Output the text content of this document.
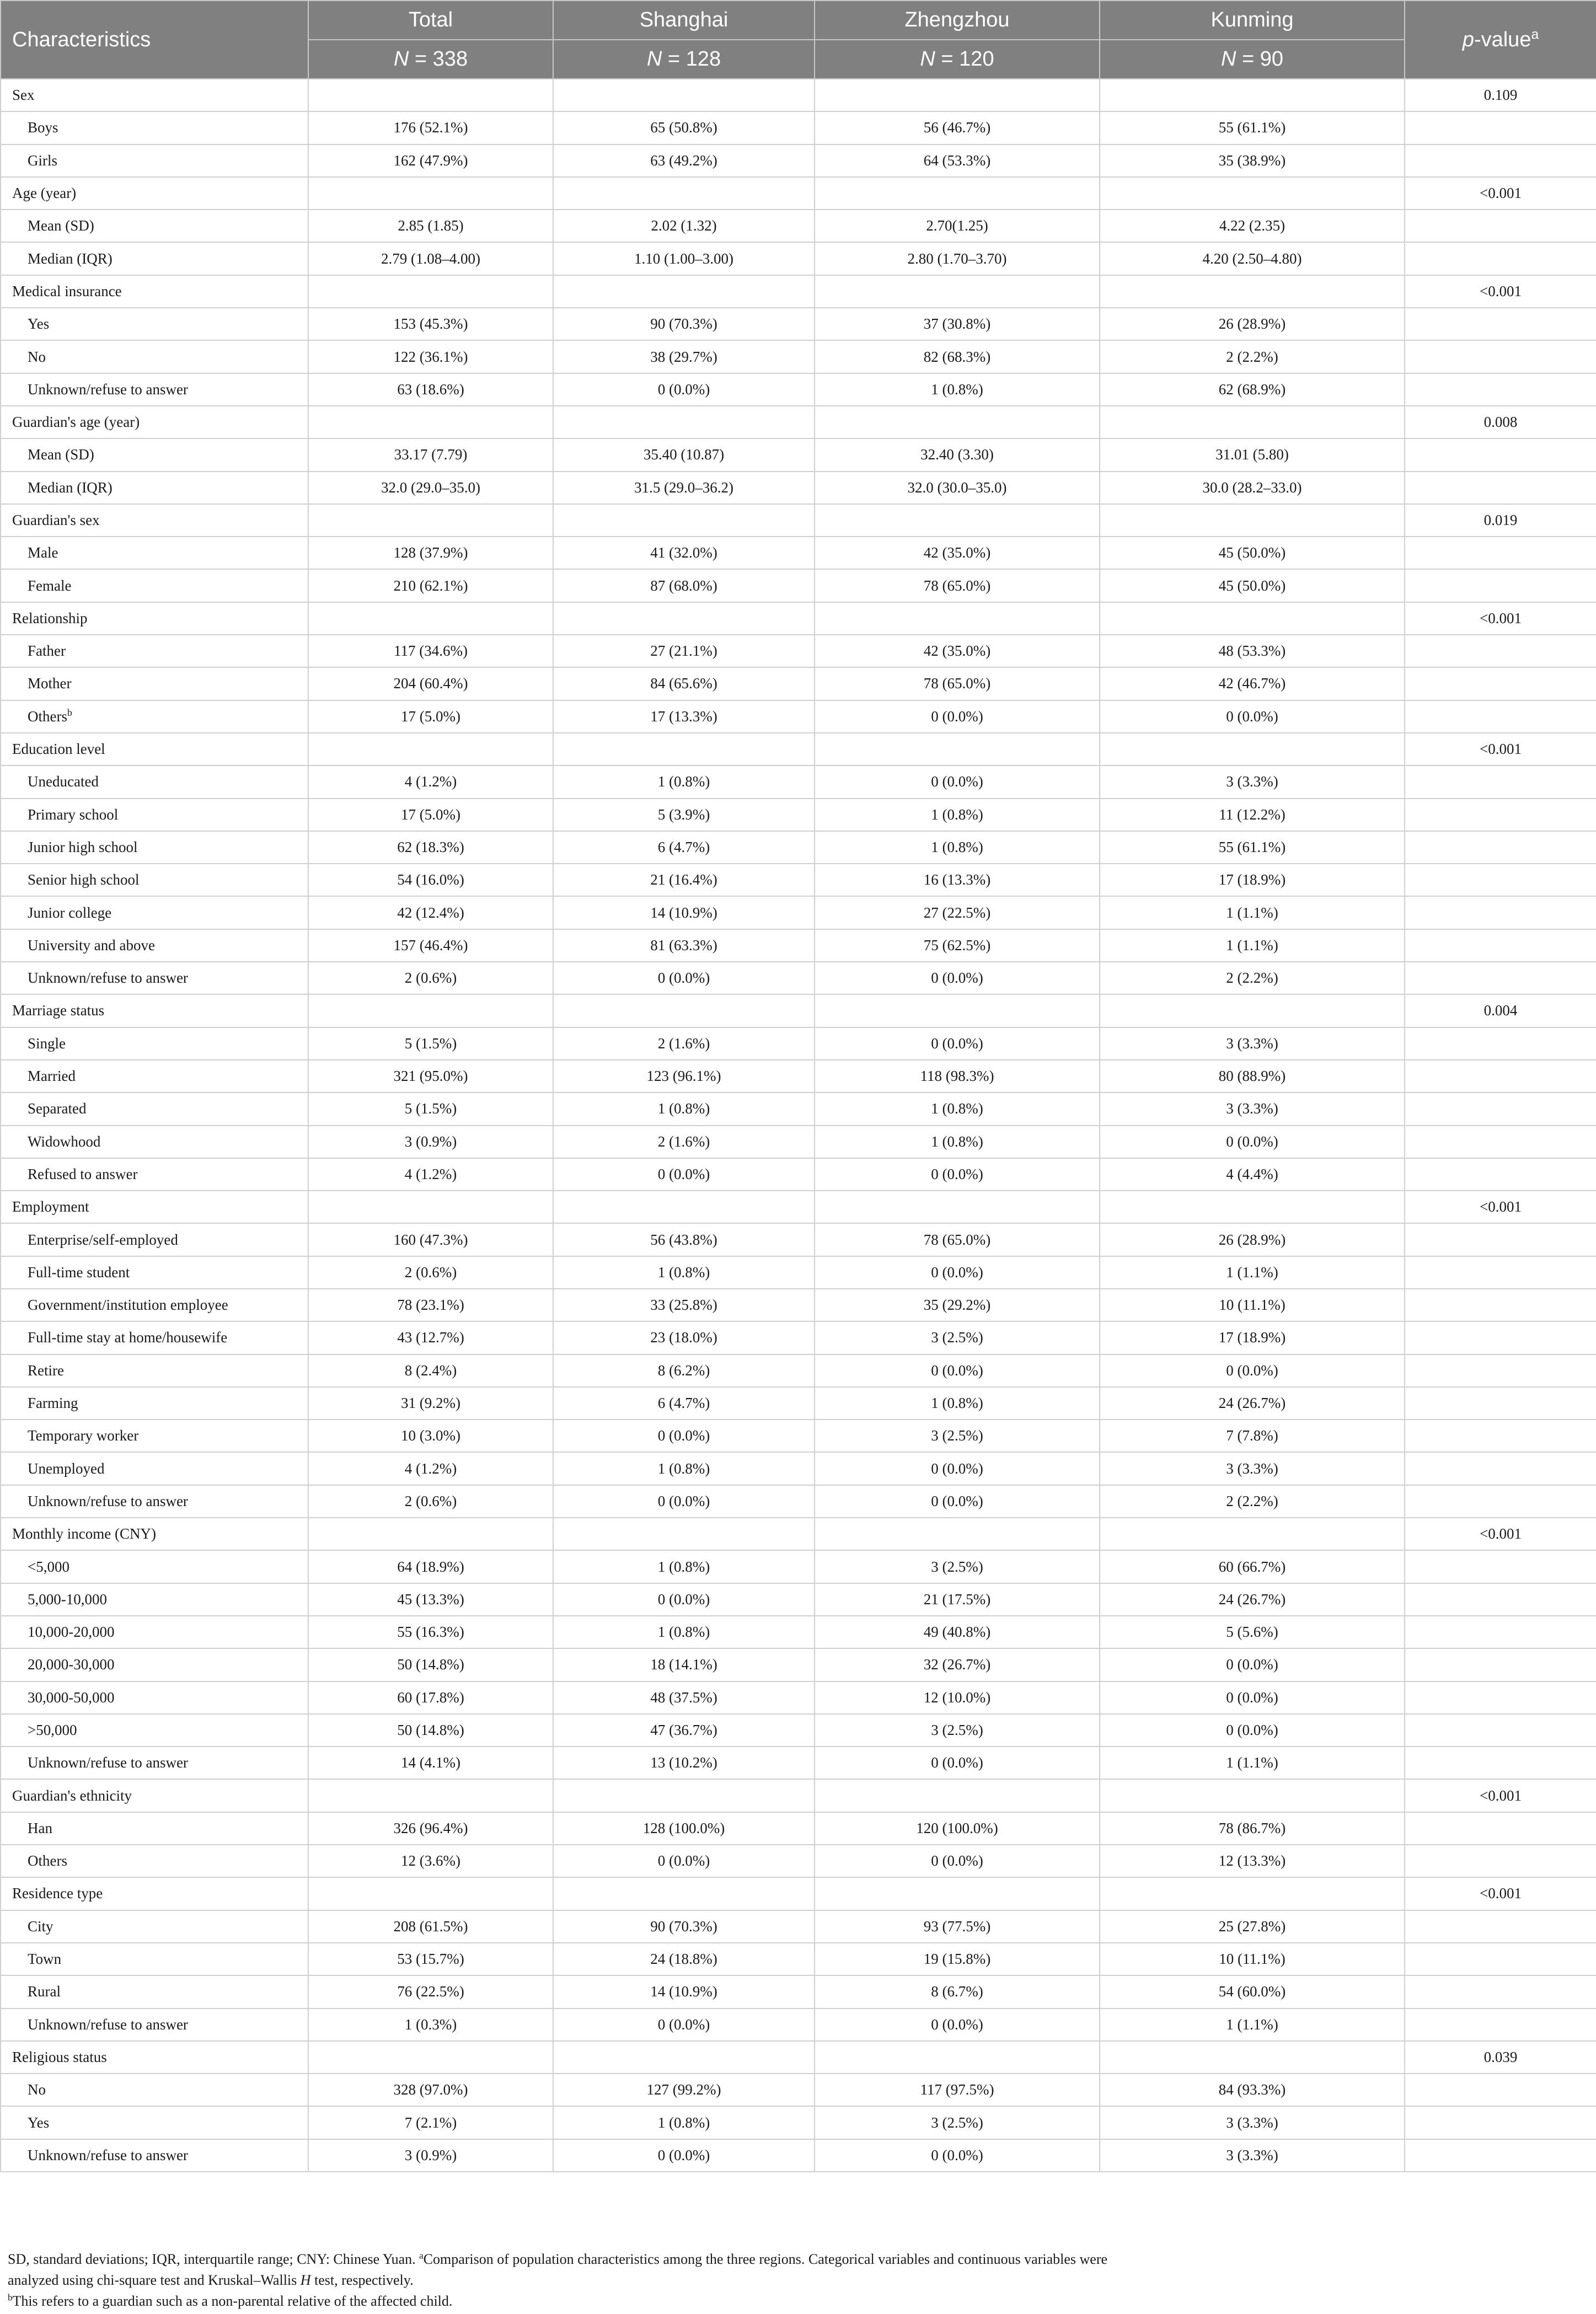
Characteristics	Total	Shanghai	Zhengzhou	Kunming	p-value$^a$
	N = 338	N = 128	N = 120	N = 90	
Sex					0.109
Boys	176 (52.1%)	65 (50.8%)	56 (46.7%)	55 (61.1%)	
Girls	162 (47.9%)	63 (49.2%)	64 (53.3%)	35 (38.9%)	
Age (year)					<0.001
Mean (SD)	2.85 (1.85)	2.02 (1.32)	2.70(1.25)	4.22 (2.35)	
Median (IQR)	2.79 (1.08–4.00)	1.10 (1.00–3.00)	2.80 (1.70–3.70)	4.20 (2.50–4.80)	
Medical insurance					<0.001
Yes	153 (45.3%)	90 (70.3%)	37 (30.8%)	26 (28.9%)	
No	122 (36.1%)	38 (29.7%)	82 (68.3%)	2 (2.2%)	
Unknown/refuse to answer	63 (18.6%)	0 (0.0%)	1 (0.8%)	62 (68.9%)	
Guardian's age (year)					0.008
Mean (SD)	33.17 (7.79)	35.40 (10.87)	32.40 (3.30)	31.01 (5.80)	
Median (IQR)	32.0 (29.0–35.0)	31.5 (29.0–36.2)	32.0 (30.0–35.0)	30.0 (28.2–33.0)	
Guardian's sex					0.019
Male	128 (37.9%)	41 (32.0%)	42 (35.0%)	45 (50.0%)	
Female	210 (62.1%)	87 (68.0%)	78 (65.0%)	45 (50.0%)	
Relationship					<0.001
Father	117 (34.6%)	27 (21.1%)	42 (35.0%)	48 (53.3%)	
Mother	204 (60.4%)	84 (65.6%)	78 (65.0%)	42 (46.7%)	
Others$^b$	17 (5.0%)	17 (13.3%)	0 (0.0%)	0 (0.0%)	
Education level					<0.001
Uneducated	4 (1.2%)	1 (0.8%)	0 (0.0%)	3 (3.3%)	
Primary school	17 (5.0%)	5 (3.9%)	1 (0.8%)	11 (12.2%)	
Junior high school	62 (18.3%)	6 (4.7%)	1 (0.8%)	55 (61.1%)	
Senior high school	54 (16.0%)	21 (16.4%)	16 (13.3%)	17 (18.9%)	
Junior college	42 (12.4%)	14 (10.9%)	27 (22.5%)	1 (1.1%)	
University and above	157 (46.4%)	81 (63.3%)	75 (62.5%)	1 (1.1%)	
Unknown/refuse to answer	2 (0.6%)	0 (0.0%)	0 (0.0%)	2 (2.2%)	
Marriage status					0.004
Single	5 (1.5%)	2 (1.6%)	0 (0.0%)	3 (3.3%)	
Married	321 (95.0%)	123 (96.1%)	118 (98.3%)	80 (88.9%)	
Separated	5 (1.5%)	1 (0.8%)	1 (0.8%)	3 (3.3%)	
Widowhood	3 (0.9%)	2 (1.6%)	1 (0.8%)	0 (0.0%)	
Refused to answer	4 (1.2%)	0 (0.0%)	0 (0.0%)	4 (4.4%)	
Employment					<0.001
Enterprise/self-employed	160 (47.3%)	56 (43.8%)	78 (65.0%)	26 (28.9%)	
Full-time student	2 (0.6%)	1 (0.8%)	0 (0.0%)	1 (1.1%)	
Government/institution employee	78 (23.1%)	33 (25.8%)	35 (29.2%)	10 (11.1%)	
Full-time stay at home/housewife	43 (12.7%)	23 (18.0%)	3 (2.5%)	17 (18.9%)	
Retire	8 (2.4%)	8 (6.2%)	0 (0.0%)	0 (0.0%)	
Farming	31 (9.2%)	6 (4.7%)	1 (0.8%)	24 (26.7%)	
Temporary worker	10 (3.0%)	0 (0.0%)	3 (2.5%)	7 (7.8%)	
Unemployed	4 (1.2%)	1 (0.8%)	0 (0.0%)	3 (3.3%)	
Unknown/refuse to answer	2 (0.6%)	0 (0.0%)	0 (0.0%)	2 (2.2%)	
Monthly income (CNY)					<0.001
<5,000	64 (18.9%)	1 (0.8%)	3 (2.5%)	60 (66.7%)	
5,000-10,000	45 (13.3%)	0 (0.0%)	21 (17.5%)	24 (26.7%)	
10,000-20,000	55 (16.3%)	1 (0.8%)	49 (40.8%)	5 (5.6%)	
20,000-30,000	50 (14.8%)	18 (14.1%)	32 (26.7%)	0 (0.0%)	
30,000-50,000	60 (17.8%)	48 (37.5%)	12 (10.0%)	0 (0.0%)	
>50,000	50 (14.8%)	47 (36.7%)	3 (2.5%)	0 (0.0%)	
Unknown/refuse to answer	14 (4.1%)	13 (10.2%)	0 (0.0%)	1 (1.1%)	
Guardian's ethnicity					<0.001
Han	326 (96.4%)	128 (100.0%)	120 (100.0%)	78 (86.7%)	
Others	12 (3.6%)	0 (0.0%)	0 (0.0%)	12 (13.3%)	
Residence type					<0.001
City	208 (61.5%)	90 (70.3%)	93 (77.5%)	25 (27.8%)	
Town	53 (15.7%)	24 (18.8%)	19 (15.8%)	10 (11.1%)	
Rural	76 (22.5%)	14 (10.9%)	8 (6.7%)	54 (60.0%)	
Unknown/refuse to answer	1 (0.3%)	0 (0.0%)	0 (0.0%)	1 (1.1%)	
Religious status					0.039
No	328 (97.0%)	127 (99.2%)	117 (97.5%)	84 (93.3%)	
Yes	7 (2.1%)	1 (0.8%)	3 (2.5%)	3 (3.3%)	
Unknown/refuse to answer	3 (0.9%)	0 (0.0%)	0 (0.0%)	3 (3.3%)	
SD, standard deviations; IQR, interquartile range; CNY: Chinese Yuan. $^a$Comparison of population characteristics among the three regions. Categorical variables and continuous variables were
analyzed using chi-square test and Kruskal–Wallis H test, respectively.
$^b$This refers to a guardian such as a non-parental relative of the affected child.
